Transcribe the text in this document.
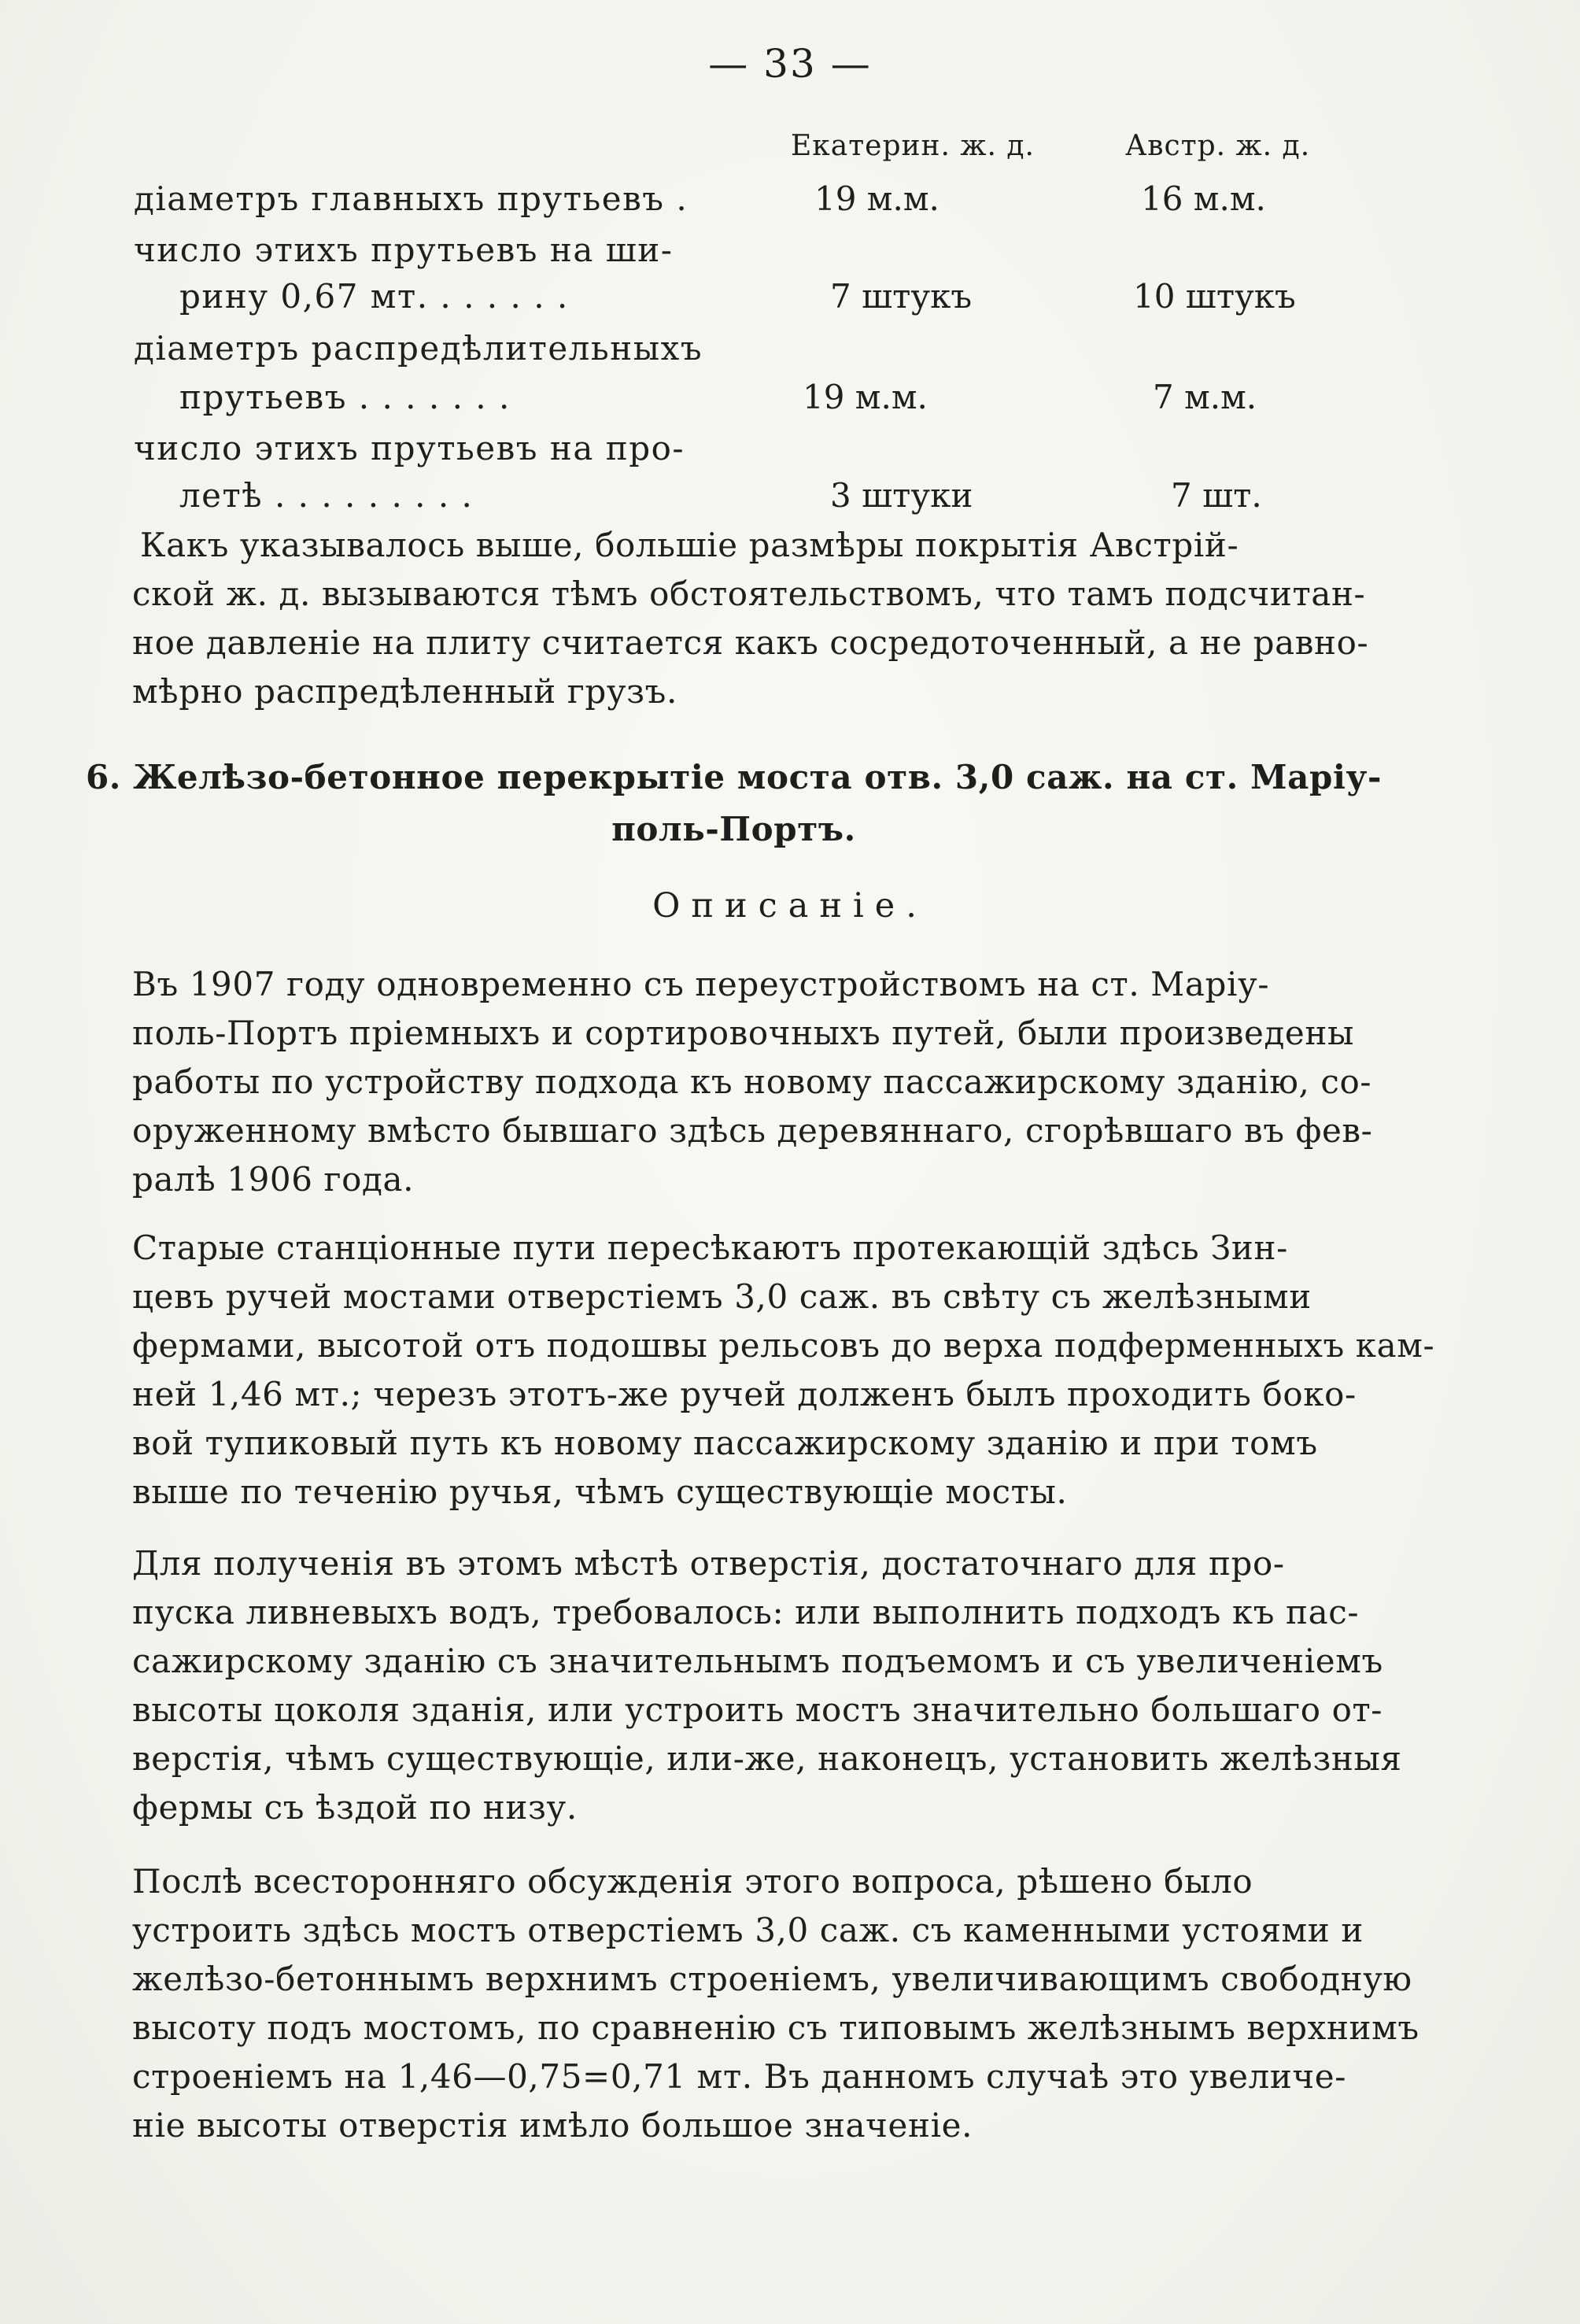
— 33 —
Екатерин. ж. д.	Австр. ж. д.
діаметръ главныхъ прутьевъ .	19 м.м.	16 м.м.
число этихъ прутьевъ на ши-
рину 0,67 мт. . . . . . .	7 штукъ	10 штукъ
діаметръ распредѣлительныхъ
прутьевъ . . . . . . .	19 м.м.	7 м.м.
число этихъ прутьевъ на про-
летѣ . . . . . . . . .	3 штуки	7 шт.
Какъ указывалось выше, большіе размѣры покрытія Австрій-
ской ж. д. вызываются тѣмъ обстоятельствомъ, что тамъ подсчитан-
ное давленіе на плиту считается какъ сосредоточенный, а не равно-
мѣрно распредѣленный грузъ.
6. Желѣзо-бетонное перекрытіе моста отв. 3,0 саж. на ст. Маріу-
поль-Портъ.
Описаніе.
Въ 1907 году одновременно съ переустройствомъ на ст. Маріу-
поль-Портъ пріемныхъ и сортировочныхъ путей, были произведены
работы по устройству подхода къ новому пассажирскому зданію, со-
оруженному вмѣсто бывшаго здѣсь деревяннаго, сгорѣвшаго въ фев-
ралѣ 1906 года.
Старые станціонные пути пересѣкаютъ протекающій здѣсь Зин-
цевъ ручей мостами отверстіемъ 3,0 саж. въ свѣту съ желѣзными
фермами, высотой отъ подошвы рельсовъ до верха подферменныхъ кам-
ней 1,46 мт.; черезъ этотъ-же ручей долженъ былъ проходить боко-
вой тупиковый путь къ новому пассажирскому зданію и при томъ
выше по теченію ручья, чѣмъ существующіе мосты.
Для полученія въ этомъ мѣстѣ отверстія, достаточнаго для про-
пуска ливневыхъ водъ, требовалось: или выполнить подходъ къ пас-
сажирскому зданію съ значительнымъ подъемомъ и съ увеличеніемъ
высоты цоколя зданія, или устроить мостъ значительно большаго от-
верстія, чѣмъ существующіе, или-же, наконецъ, установить желѣзныя
фермы съ ѣздой по низу.
Послѣ всесторонняго обсужденія этого вопроса, рѣшено было
устроить здѣсь мостъ отверстіемъ 3,0 саж. съ каменными устоями и
желѣзо-бетоннымъ верхнимъ строеніемъ, увеличивающимъ свободную
высоту подъ мостомъ, по сравненію съ типовымъ желѣзнымъ верхнимъ
строеніемъ на 1,46—0,75=0,71 мт. Въ данномъ случаѣ это увеличе-
ніе высоты отверстія имѣло большое значеніе.
